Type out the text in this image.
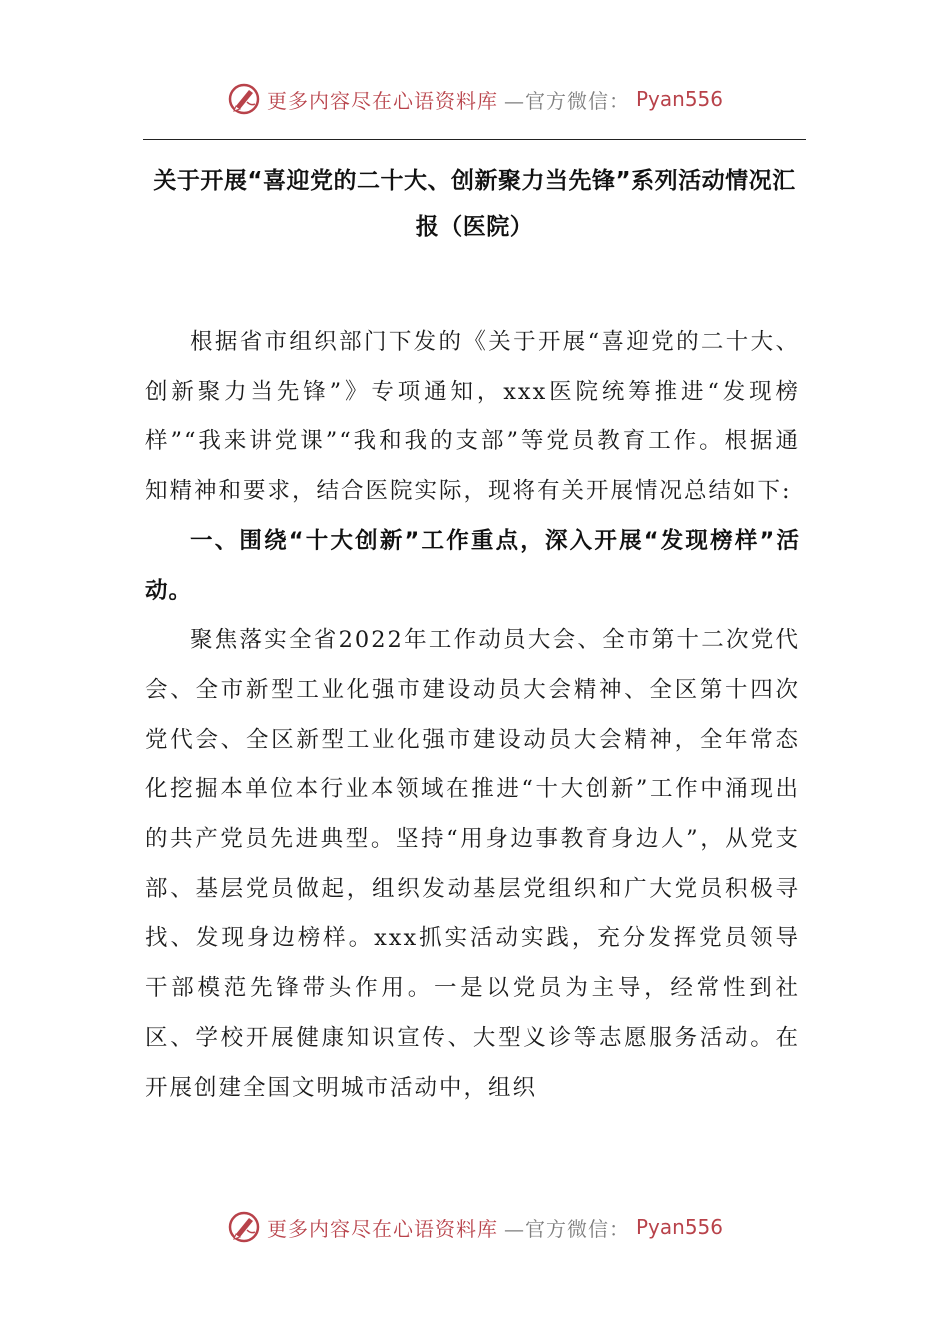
更多内容尽在心语资料库 —官方微信： Pyan556
关于开展“喜迎党的二十大、创新聚力当先锋”系列活动情况汇报（医院）

根据省市组织部门下发的《关于开展“喜迎党的二十大、创新聚力当先锋”》专项通知，xxx医院统筹推进“发现榜样”“我来讲党课”“我和我的支部”等党员教育工作。根据通知精神和要求，结合医院实际，现将有关开展情况总结如下:

一、围绕“十大创新”工作重点，深入开展“发现榜样”活动。

聚焦落实全省2022年工作动员大会、全市第十二次党代会、全市新型工业化强市建设动员大会精神、全区第十四次党代会、全区新型工业化强市建设动员大会精神，全年常态化挖掘本单位本行业本领域在推进“十大创新”工作中涌现出的共产党员先进典型。坚持“用身边事教育身边人”，从党支部、基层党员做起，组织发动基层党组织和广大党员积极寻找、发现身边榜样。xxx抓实活动实践，充分发挥党员领导干部模范先锋带头作用。一是以党员为主导，经常性到社区、学校开展健康知识宣传、大型义诊等志愿服务活动。在开展创建全国文明城市活动中，组织

更多内容尽在心语资料库 —官方微信： Pyan556
